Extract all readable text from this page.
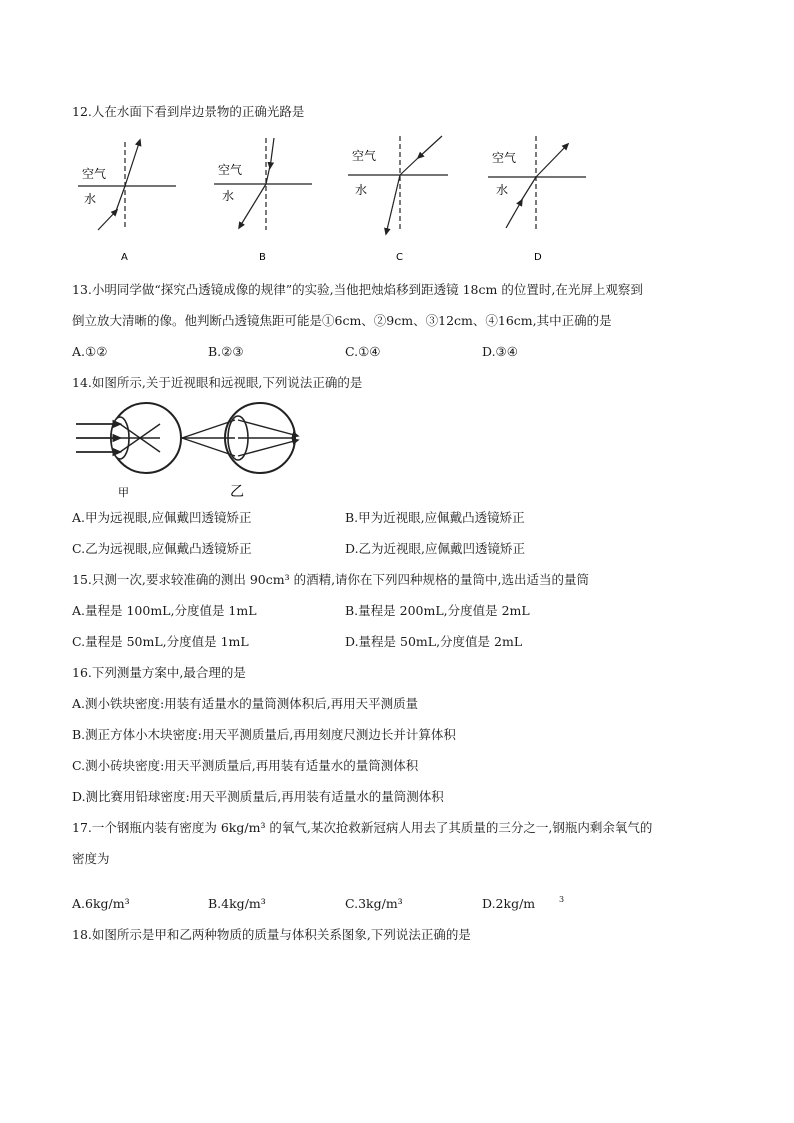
12.人在水面下看到岸边景物的正确光路是
空气
水
A
空气
水
B
空气
水
C
空气
水
D
13.小明同学做“探究凸透镜成像的规律”的实验,当他把烛焰移到距透镜 18cm 的位置时,在光屏上观察到
倒立放大清晰的像。他判断凸透镜焦距可能是①6cm、②9cm、③12cm、④16cm,其中正确的是
A.①②	B.②③	C.①④	D.③④
14.如图所示,关于近视眼和远视眼,下列说法正确的是
甲	乙
A.甲为远视眼,应佩戴凹透镜矫正	B.甲为近视眼,应佩戴凸透镜矫正
C.乙为远视眼,应佩戴凸透镜矫正	D.乙为近视眼,应佩戴凹透镜矫正
15.只测一次,要求较准确的测出 90cm³ 的酒精,请你在下列四种规格的量筒中,选出适当的量筒
A.量程是 100mL,分度值是 1mL	B.量程是 200mL,分度值是 2mL
C.量程是 50mL,分度值是 1mL	D.量程是 50mL,分度值是 2mL
16.下列测量方案中,最合理的是
A.测小铁块密度:用装有适量水的量筒测体积后,再用天平测质量
B.测正方体小木块密度:用天平测质量后,再用刻度尺测边长并计算体积
C.测小砖块密度:用天平测质量后,再用装有适量水的量筒测体积
D.测比赛用铅球密度:用天平测质量后,再用装有适量水的量筒测体积
17.一个钢瓶内装有密度为 6kg/m³ 的氧气,某次抢救新冠病人用去了其质量的三分之一,钢瓶内剩余氧气的
密度为
A.6kg/m³	B.4kg/m³	C.3kg/m³	D.2kg/m	3
18.如图所示是甲和乙两种物质的质量与体积关系图象,下列说法正确的是
